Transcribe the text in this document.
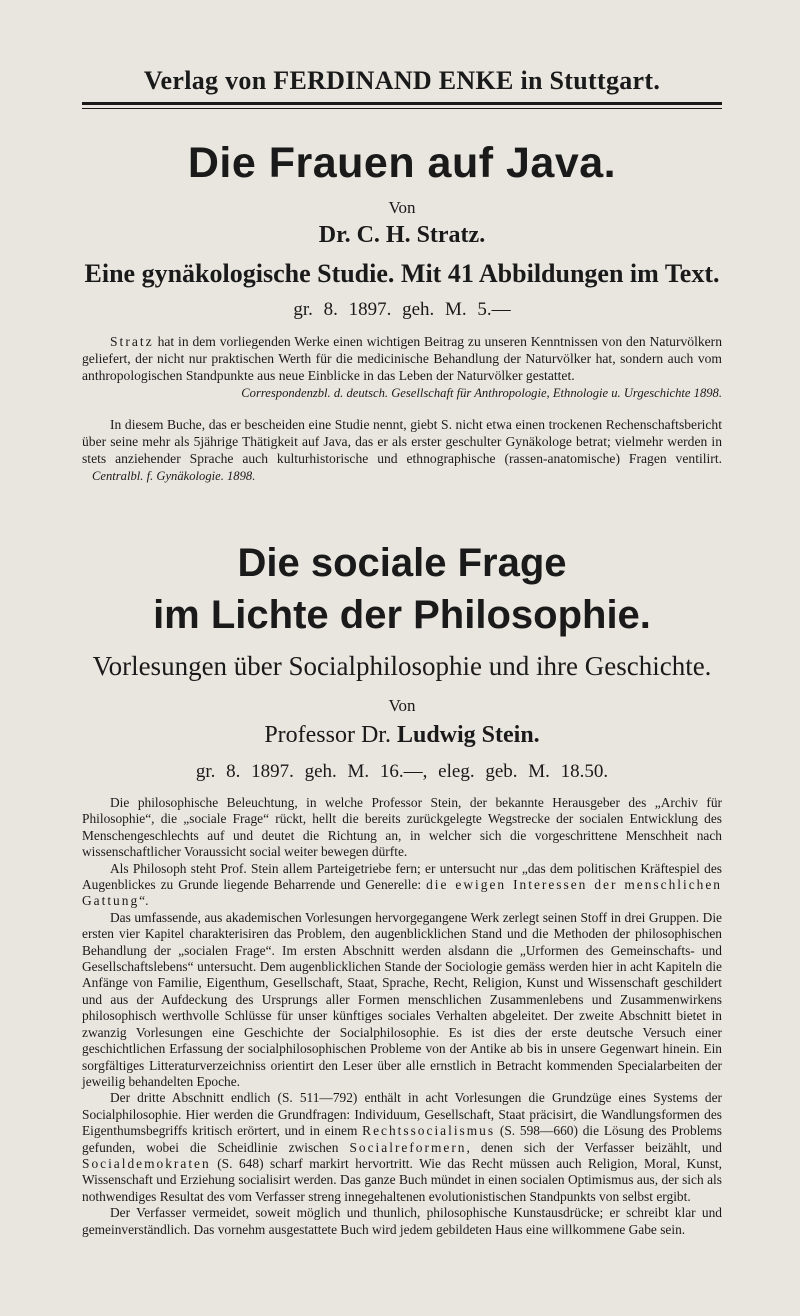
Verlag von FERDINAND ENKE in Stuttgart.
Die Frauen auf Java.
Von
Dr. C. H. Stratz.
Eine gynäkologische Studie. Mit 41 Abbildungen im Text.
gr. 8. 1897. geh. M. 5.—
Stratz hat in dem vorliegenden Werke einen wichtigen Beitrag zu unseren Kenntnissen von den Naturvölkern geliefert, der nicht nur praktischen Werth für die medicinische Behandlung der Naturvölker hat, sondern auch vom anthropologischen Standpunkte aus neue Einblicke in das Leben der Naturvölker gestattet.
Correspondenzbl. d. deutsch. Gesellschaft für Anthropologie, Ethnologie u. Urgeschichte 1898.
In diesem Buche, das er bescheiden eine Studie nennt, giebt S. nicht etwa einen trockenen Rechenschaftsbericht über seine mehr als 5jährige Thätigkeit auf Java, das er als erster geschulter Gynäkologe betrat; vielmehr werden in stets anziehender Sprache auch kulturhistorische und ethnographische (rassen-anatomische) Fragen ventilirt. Centralbl. f. Gynäkologie. 1898.
Die sociale Frage
im Lichte der Philosophie.
Vorlesungen über Socialphilosophie und ihre Geschichte.
Von
Professor Dr. Ludwig Stein.
gr. 8. 1897. geh. M. 16.—, eleg. geb. M. 18.50.

Die philosophische Beleuchtung, in welche Professor Stein, der bekannte Herausgeber des „Archiv für Philosophie“, die „sociale Frage“ rückt, hellt die bereits zurückgelegte Wegstrecke der socialen Entwicklung des Menschengeschlechts auf und deutet die Richtung an, in welcher sich die vorgeschrittene Menschheit nach wissenschaftlicher Voraussicht social weiter bewegen dürfte.

Als Philosoph steht Prof. Stein allem Parteigetriebe fern; er untersucht nur „das dem politischen Kräftespiel des Augenblickes zu Grunde liegende Beharrende und Generelle: die ewigen Interessen der menschlichen Gattung“.

Das umfassende, aus akademischen Vorlesungen hervorgegangene Werk zerlegt seinen Stoff in drei Gruppen. Die ersten vier Kapitel charakterisiren das Problem, den augenblicklichen Stand und die Methoden der philosophischen Behandlung der „socialen Frage“. Im ersten Abschnitt werden alsdann die „Urformen des Gemeinschafts- und Gesellschaftslebens“ untersucht. Dem augenblicklichen Stande der Sociologie gemäss werden hier in acht Kapiteln die Anfänge von Familie, Eigenthum, Gesellschaft, Staat, Sprache, Recht, Religion, Kunst und Wissenschaft geschildert und aus der Aufdeckung des Ursprungs aller Formen menschlichen Zusammenlebens und Zusammenwirkens philosophisch werthvolle Schlüsse für unser künftiges sociales Verhalten abgeleitet. Der zweite Abschnitt bietet in zwanzig Vorlesungen eine Geschichte der Socialphilosophie. Es ist dies der erste deutsche Versuch einer geschichtlichen Erfassung der socialphilosophischen Probleme von der Antike ab bis in unsere Gegenwart hinein. Ein sorgfältiges Litteraturverzeichniss orientirt den Leser über alle ernstlich in Betracht kommenden Specialarbeiten der jeweilig behandelten Epoche.

Der dritte Abschnitt endlich (S. 511—792) enthält in acht Vorlesungen die Grundzüge eines Systems der Socialphilosophie. Hier werden die Grundfragen: Individuum, Gesellschaft, Staat präcisirt, die Wandlungsformen des Eigenthumsbegriffs kritisch erörtert, und in einem Rechtssocialismus (S. 598—660) die Lösung des Problems gefunden, wobei die Scheidlinie zwischen Socialreformern, denen sich der Verfasser beizählt, und Socialdemokraten (S. 648) scharf markirt hervortritt. Wie das Recht müssen auch Religion, Moral, Kunst, Wissenschaft und Erziehung socialisirt werden. Das ganze Buch mündet in einen socialen Optimismus aus, der sich als nothwendiges Resultat des vom Verfasser streng innegehaltenen evolutionistischen Standpunkts von selbst ergibt.

Der Verfasser vermeidet, soweit möglich und thunlich, philosophische Kunstausdrücke; er schreibt klar und gemeinverständlich. Das vornehm ausgestattete Buch wird jedem gebildeten Haus eine willkommene Gabe sein.
